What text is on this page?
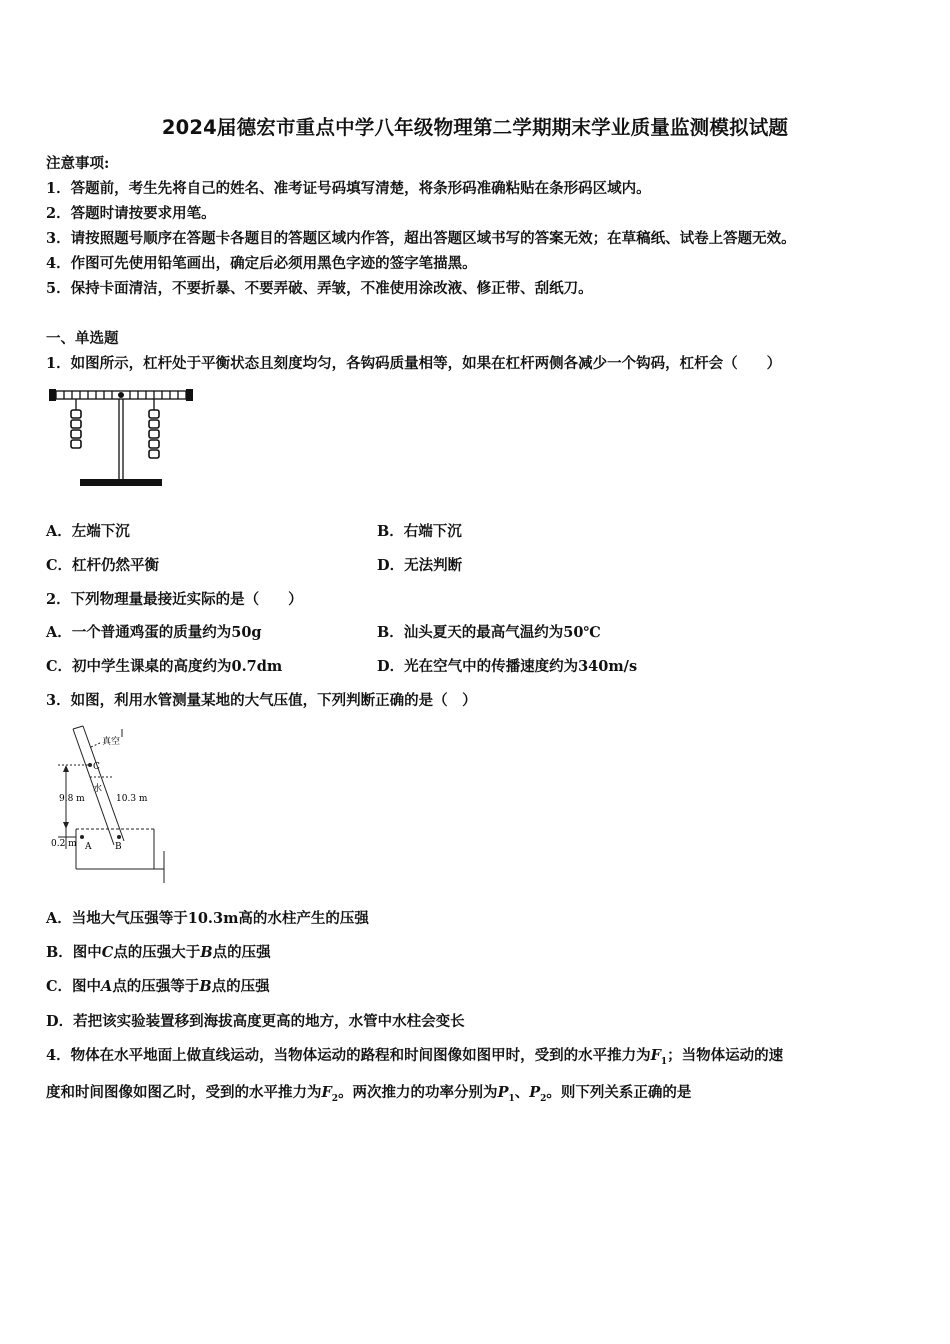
2024届德宏市重点中学八年级物理第二学期期末学业质量监测模拟试题
注意事项:
1．答题前，考生先将自己的姓名、准考证号码填写清楚，将条形码准确粘贴在条形码区域内。
2．答题时请按要求用笔。
3．请按照题号顺序在答题卡各题目的答题区域内作答，超出答题区域书写的答案无效；在草稿纸、试卷上答题无效。
4．作图可先使用铅笔画出，确定后必须用黑色字迹的签字笔描黑。
5．保持卡面清洁，不要折暴、不要弄破、弄皱，不准使用涂改液、修正带、刮纸刀。
一、单选题
1．如图所示，杠杆处于平衡状态且刻度均匀，各钩码质量相等，如果在杠杆两侧各减少一个钩码，杠杆会（　　）
A．左端下沉	B．右端下沉
C．杠杆仍然平衡	D．无法判断
2．下列物理量最接近实际的是（　　）
A．一个普通鸡蛋的质量约为50g	B．汕头夏天的最高气温约为50℃
C．初中学生课桌的高度约为0.7dm	D．光在空气中的传播速度约为340m/s
3．如图，利用水管测量某地的大气压值，下列判断正确的是（　）
真空
9.8 m	10.3 m
0.2 m
C
A	B
水
A．当地大气压强等于10.3m高的水柱产生的压强
B．图中C点的压强大于B点的压强
C．图中A点的压强等于B点的压强
D．若把该实验装置移到海拔高度更高的地方，水管中水柱会变长
4．物体在水平地面上做直线运动，当物体运动的路程和时间图像如图甲时，受到的水平推力为$F_1$；当物体运动的速
度和时间图像如图乙时，受到的水平推力为$F_2$。两次推力的功率分别为$P_1$、$P_2$。则下列关系正确的是
